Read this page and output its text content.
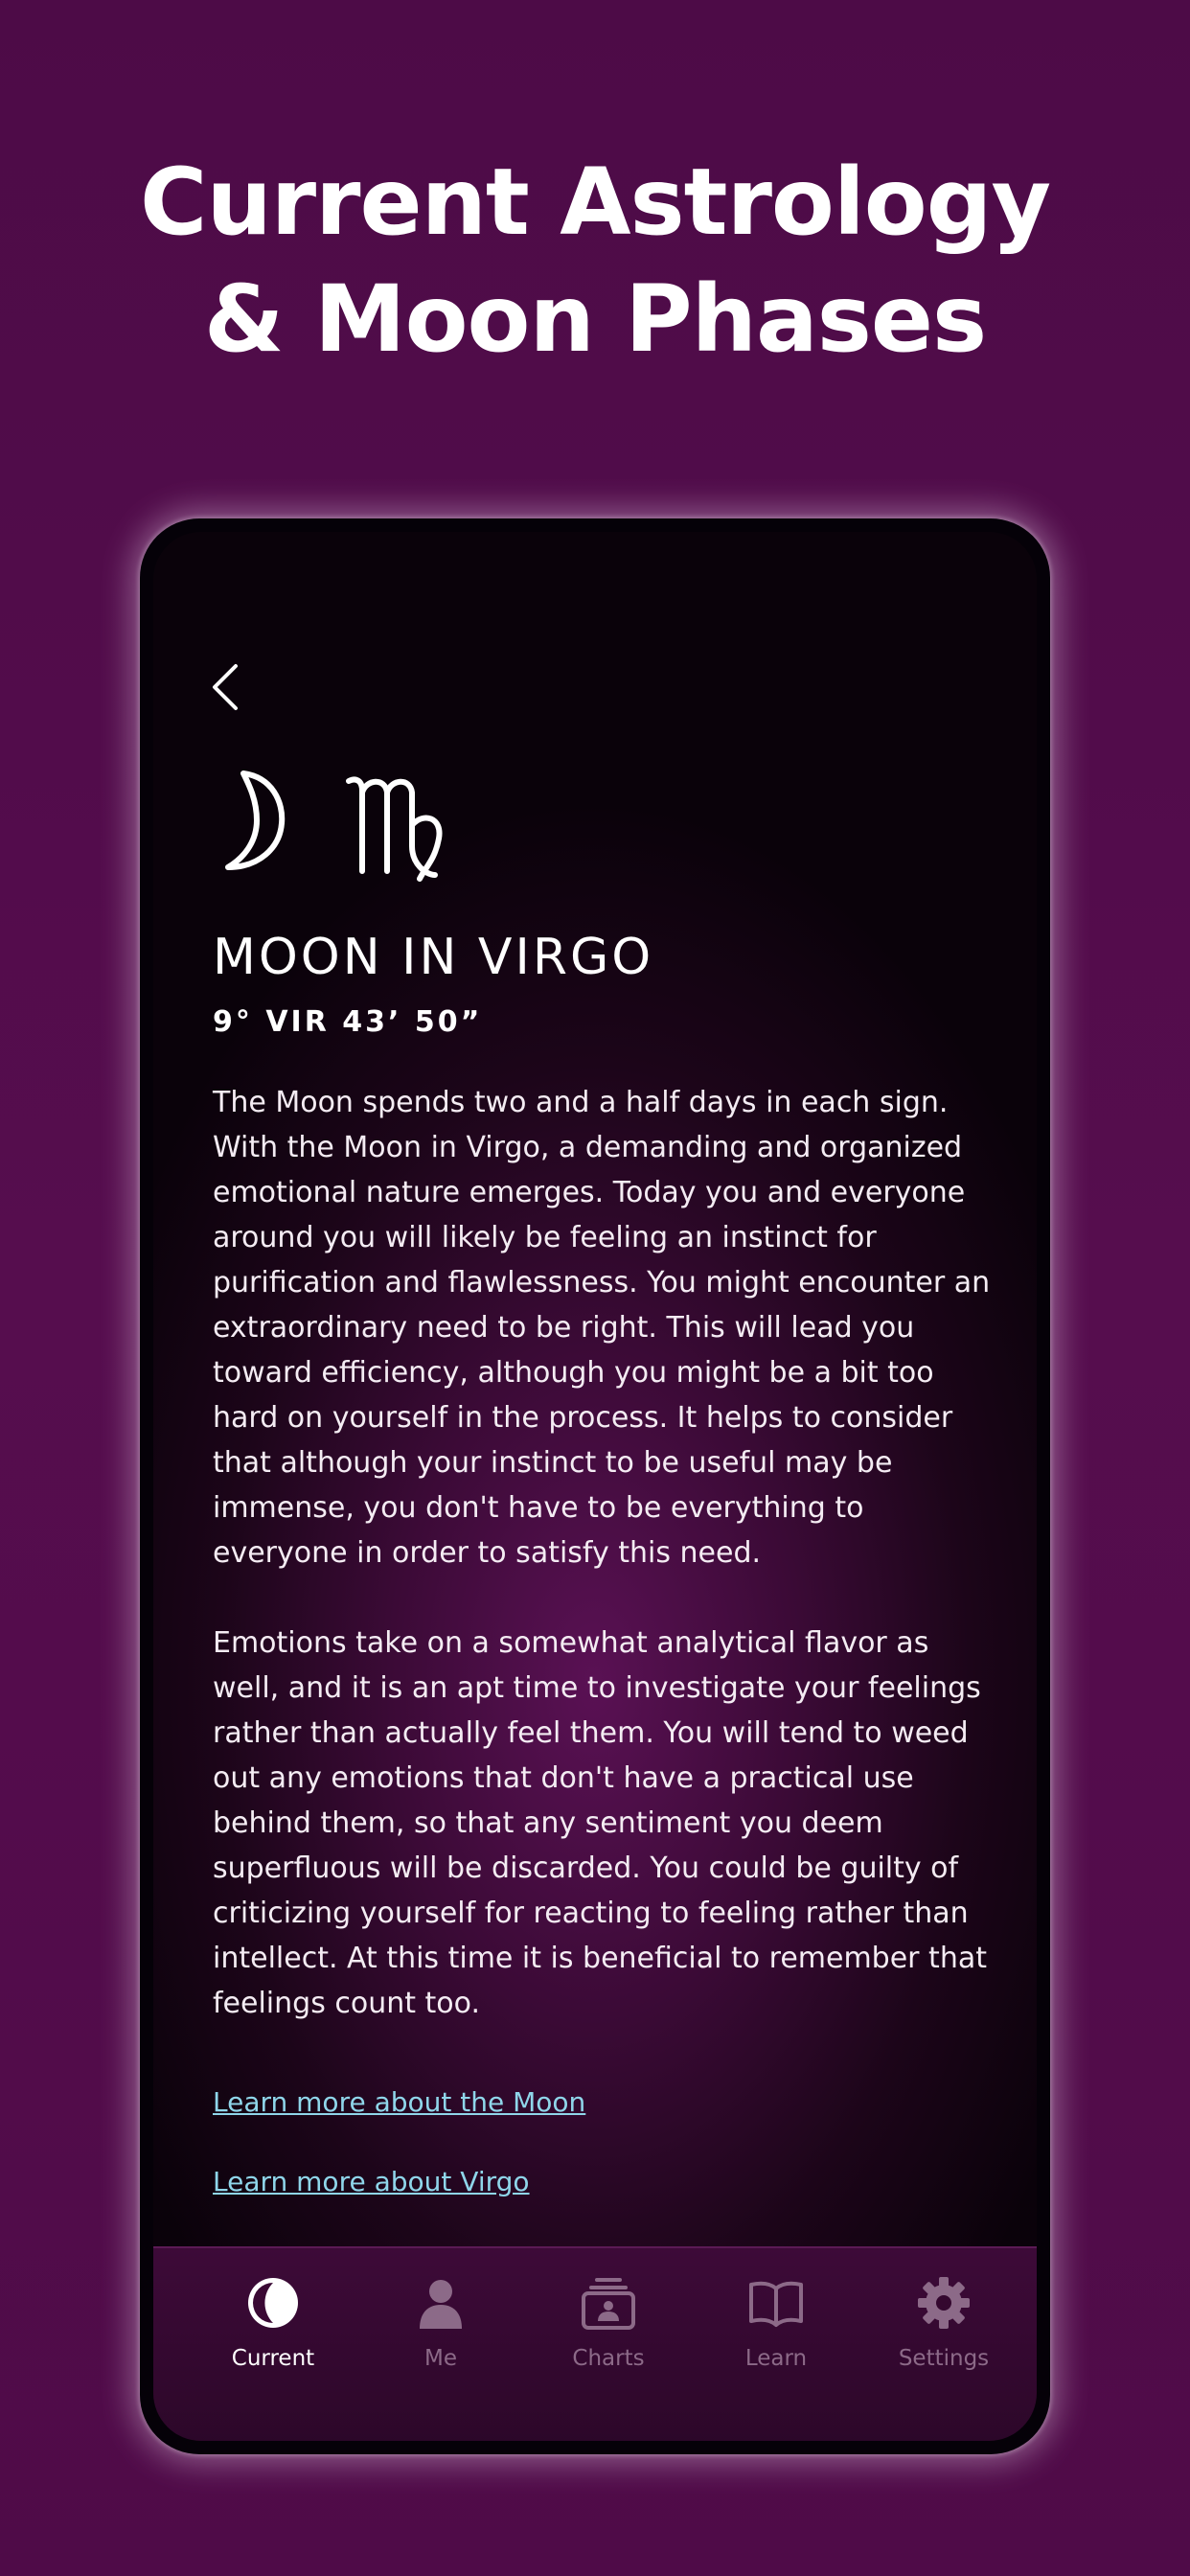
Current Astrology
& Moon Phases
MOON IN VIRGO
9° VIR 43’ 50”

The Moon spends two and a half days in each sign. With the Moon in Virgo, a demanding and organized emotional nature emerges. Today you and everyone around you will likely be feeling an instinct for purification and flawlessness. You might encounter an extraordinary need to be right. This will lead you toward efficiency, although you might be a bit too hard on yourself in the process. It helps to consider that although your instinct to be useful may be immense, you don't have to be everything to everyone in order to satisfy this need.

Emotions take on a somewhat analytical flavor as well, and it is an apt time to investigate your feelings rather than actually feel them. You will tend to weed out any emotions that don't have a practical use behind them, so that any sentiment you deem superfluous will be discarded. You could be guilty of criticizing yourself for reacting to feeling rather than intellect. At this time it is beneficial to remember that feelings count too.

Learn more about the Moon
Learn more about Virgo
Current	Me	Charts	Learn	Settings
